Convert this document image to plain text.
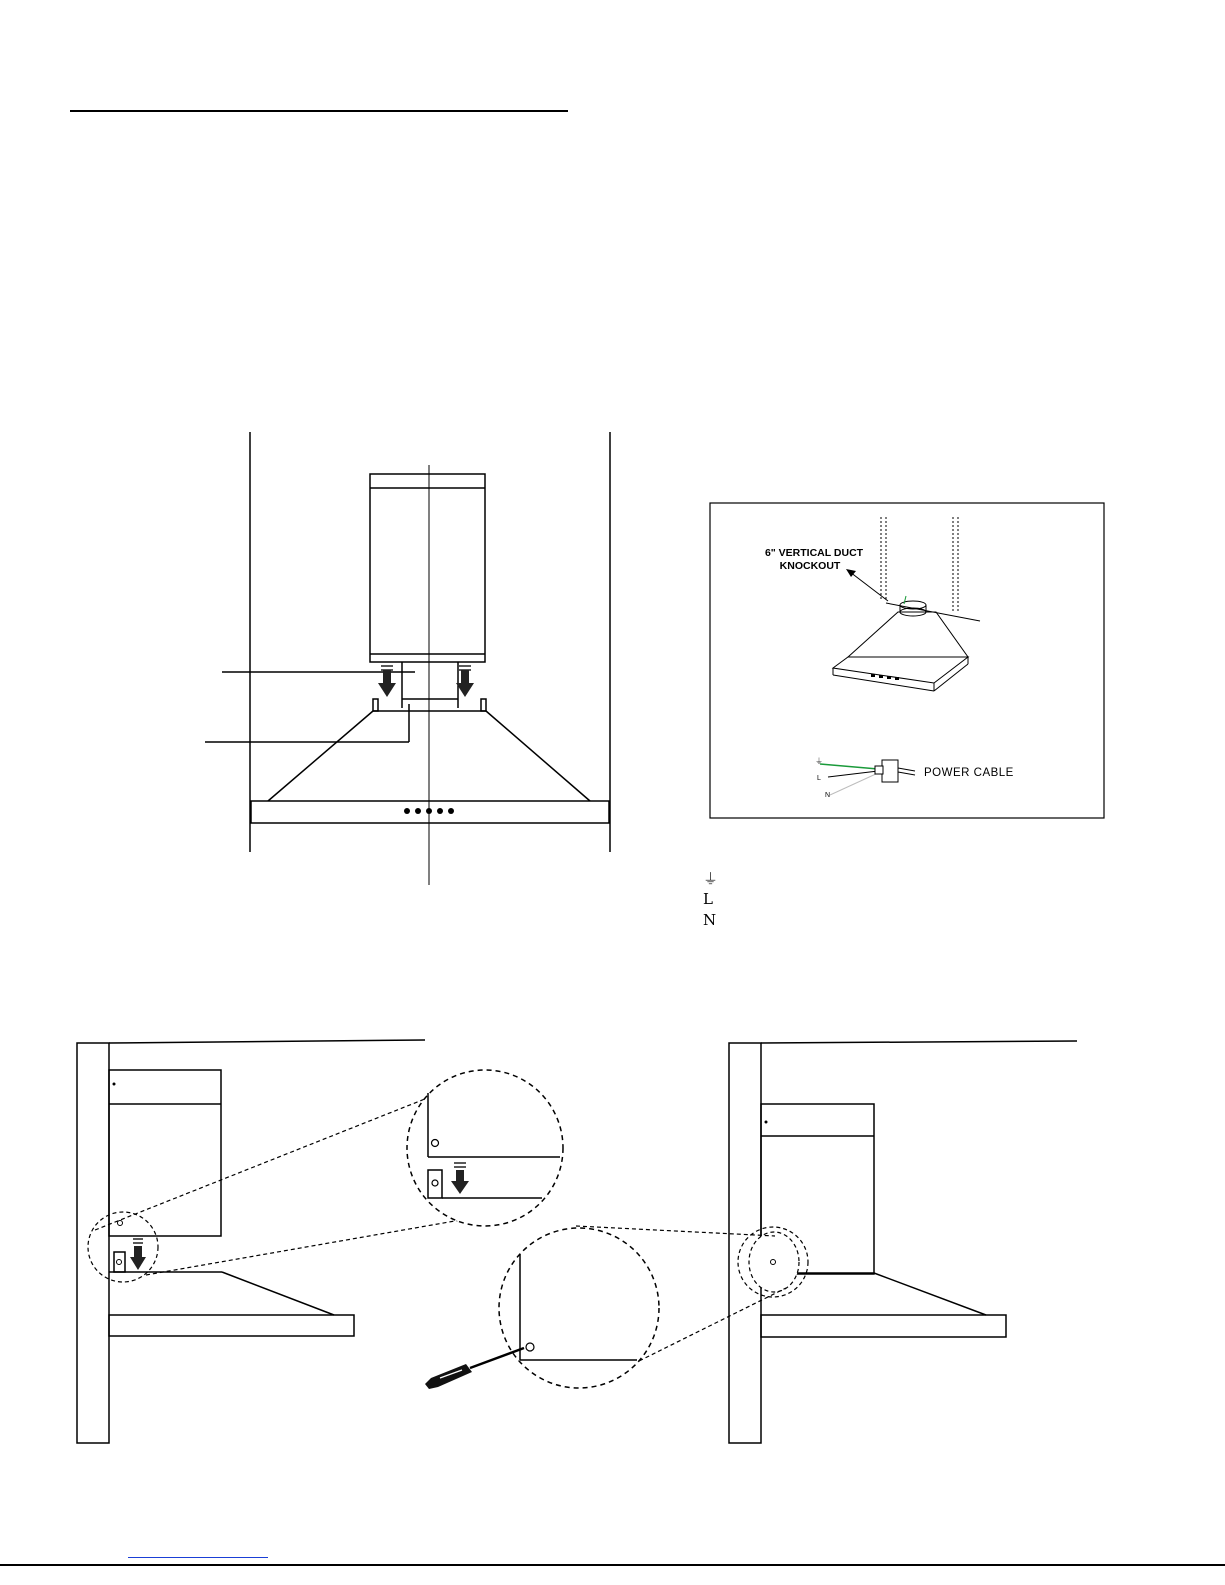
6" VERTICAL DUCT
KNOCKOUT
⏚
L
N
POWER CABLE
⏚
L
N
